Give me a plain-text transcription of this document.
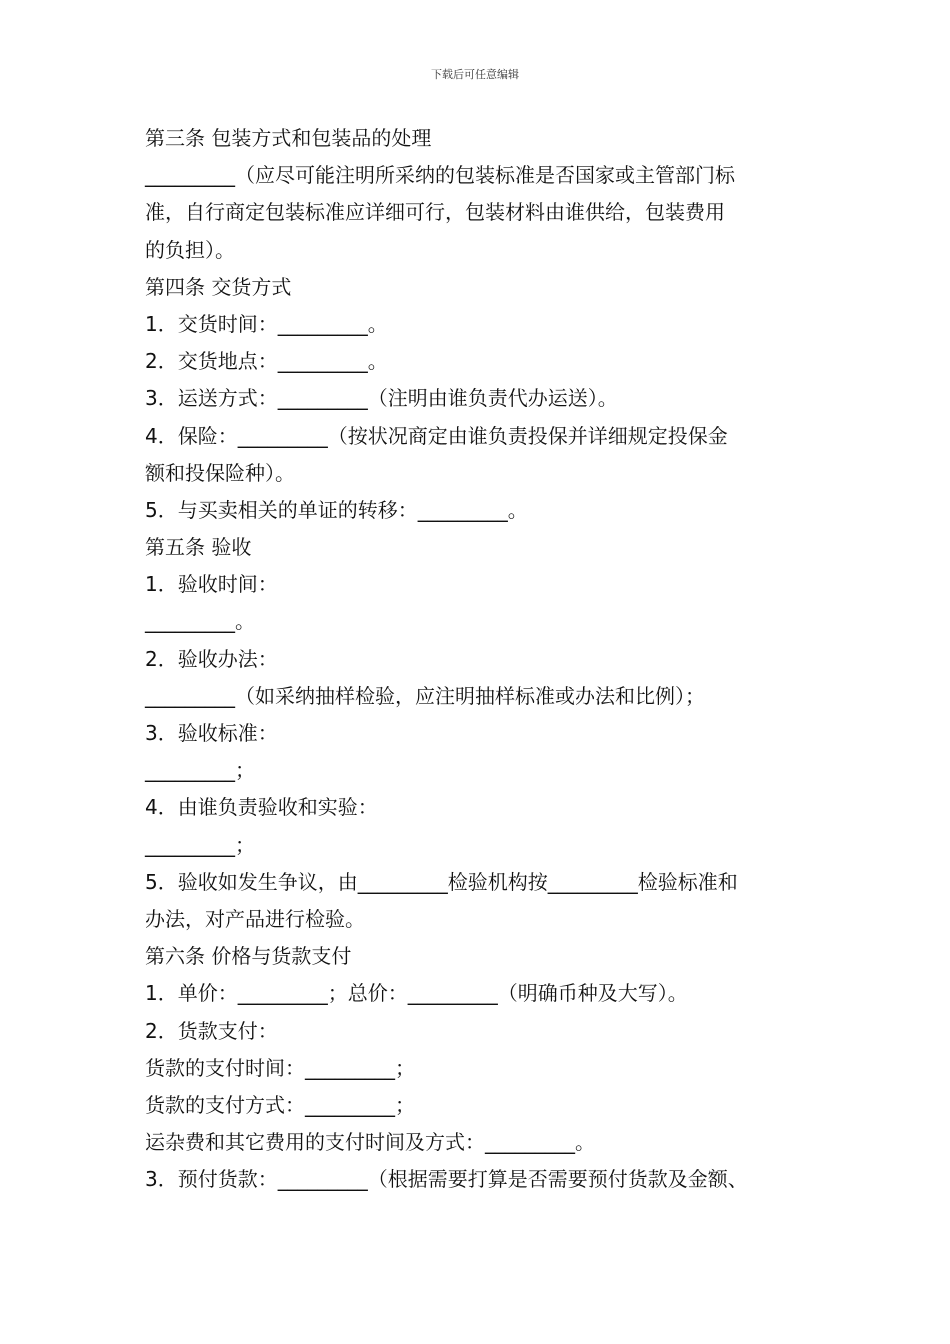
下载后可任意编辑
第三条 包装方式和包装品的处理
_________（应尽可能注明所采纳的包装标准是否国家或主管部门标
准，自行商定包装标准应详细可行，包装材料由谁供给，包装费用
的负担）。
第四条 交货方式
1．交货时间：_________。
2．交货地点：_________。
3．运送方式：_________（注明由谁负责代办运送）。
4．保险：_________（按状况商定由谁负责投保并详细规定投保金
额和投保险种）。
5．与买卖相关的单证的转移：_________。
第五条 验收
1．验收时间：
_________。
2．验收办法：
_________（如采纳抽样检验，应注明抽样标准或办法和比例）；
3．验收标准：
_________；
4．由谁负责验收和实验：
_________；
5．验收如发生争议，由_________检验机构按_________检验标准和
办法，对产品进行检验。
第六条 价格与货款支付
1．单价：_________；总价：_________（明确币种及大写）。
2．货款支付：
货款的支付时间：_________；
货款的支付方式：_________；
运杂费和其它费用的支付时间及方式：_________。
3．预付货款：_________（根据需要打算是否需要预付货款及金额、
